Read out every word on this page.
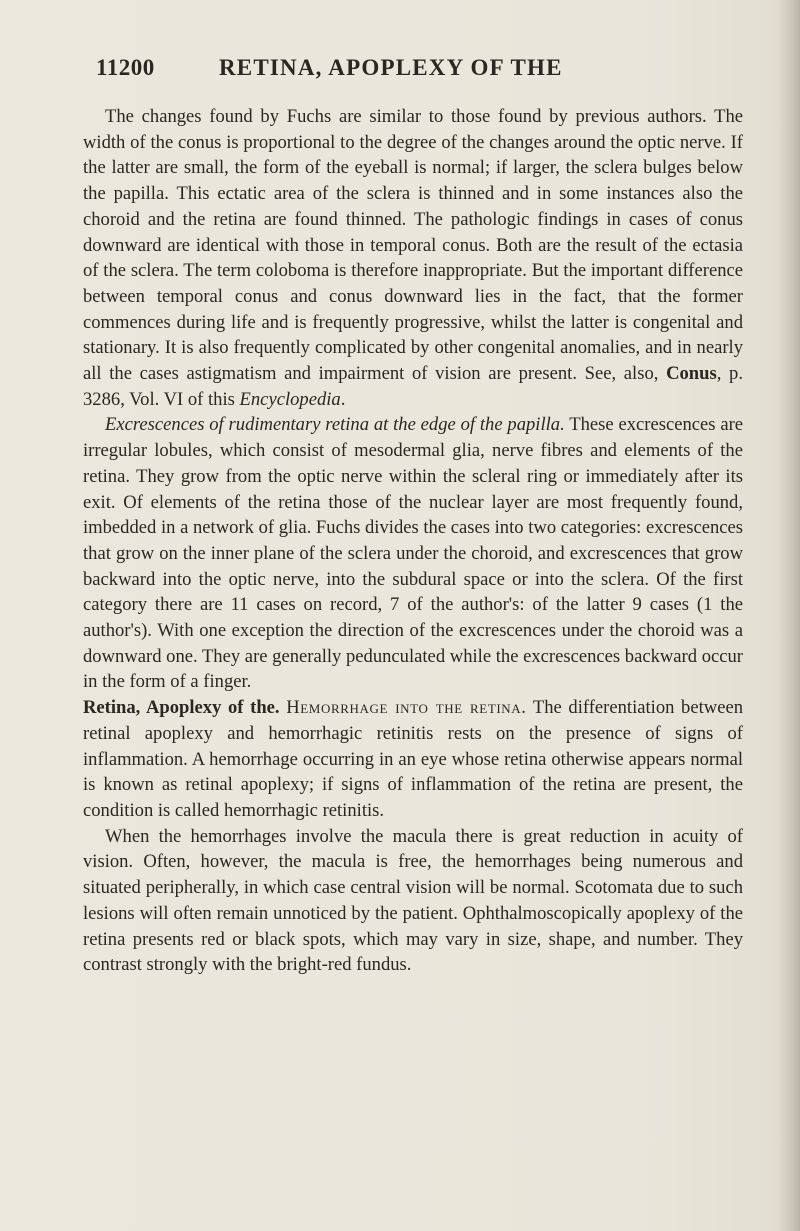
11200	RETINA, APOPLEXY OF THE

The changes found by Fuchs are similar to those found by previous authors. The width of the conus is proportional to the degree of the changes around the optic nerve. If the latter are small, the form of the eyeball is normal; if larger, the sclera bulges below the papilla. This ectatic area of the sclera is thinned and in some instances also the choroid and the retina are found thinned. The pathologic findings in cases of conus downward are identical with those in temporal conus. Both are the result of the ectasia of the sclera. The term coloboma is therefore inappropriate. But the important difference between temporal conus and conus downward lies in the fact, that the former commences during life and is frequently progressive, whilst the latter is congenital and stationary. It is also frequently complicated by other congenital anomalies, and in nearly all the cases astigmatism and impairment of vision are present. See, also, Conus, p. 3286, Vol. VI of this Encyclopedia.

Excrescences of rudimentary retina at the edge of the papilla. These excrescences are irregular lobules, which consist of mesodermal glia, nerve fibres and elements of the retina. They grow from the optic nerve within the scleral ring or immediately after its exit. Of elements of the retina those of the nuclear layer are most frequently found, imbedded in a network of glia. Fuchs divides the cases into two categories: excrescences that grow on the inner plane of the sclera under the choroid, and excrescences that grow backward into the optic nerve, into the subdural space or into the sclera. Of the first category there are 11 cases on record, 7 of the author's: of the latter 9 cases (1 the author's). With one exception the direction of the excrescences under the choroid was a downward one. They are generally pedunculated while the excrescences backward occur in the form of a finger.

Retina, Apoplexy of the. Hemorrhage into the retina. The differentiation between retinal apoplexy and hemorrhagic retinitis rests on the presence of signs of inflammation. A hemorrhage occurring in an eye whose retina otherwise appears normal is known as retinal apoplexy; if signs of inflammation of the retina are present, the condition is called hemorrhagic retinitis.

When the hemorrhages involve the macula there is great reduction in acuity of vision. Often, however, the macula is free, the hemorrhages being numerous and situated peripherally, in which case central vision will be normal. Scotomata due to such lesions will often remain unnoticed by the patient. Ophthalmoscopically apoplexy of the retina presents red or black spots, which may vary in size, shape, and number. They contrast strongly with the bright-red fundus.
